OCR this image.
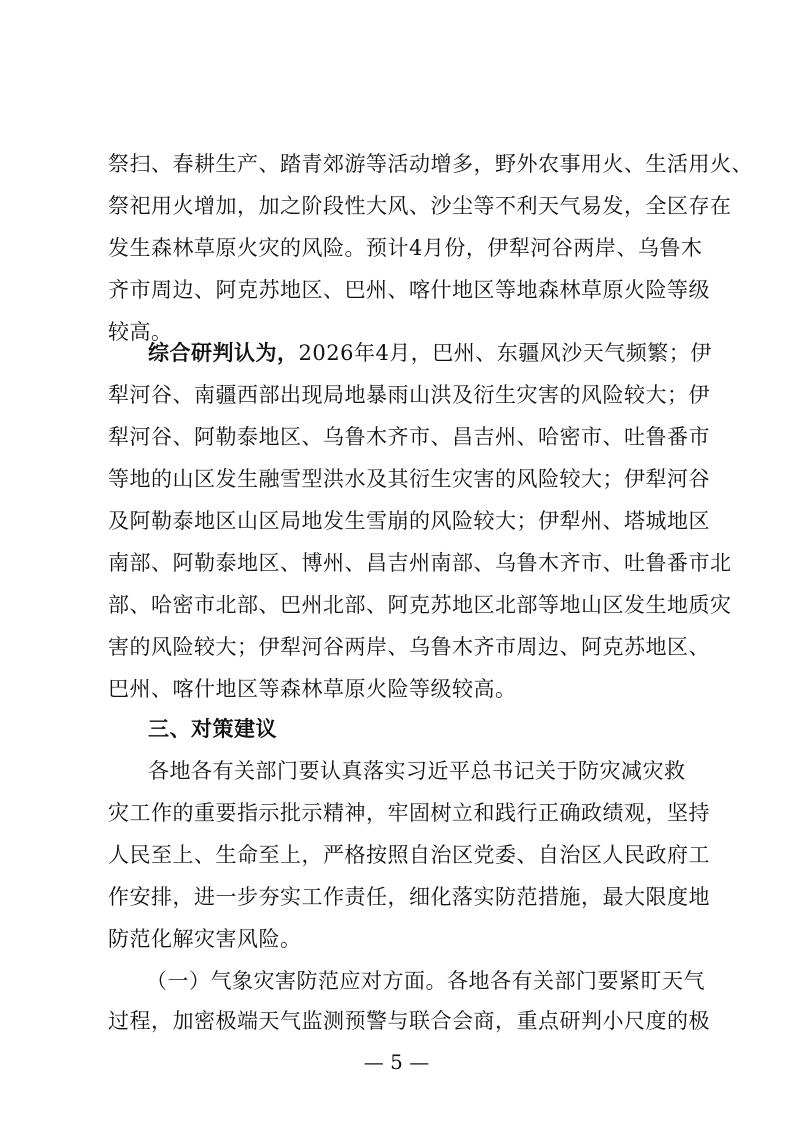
祭扫、春耕生产、踏青郊游等活动增多，野外农事用火、生活用火、
祭祀用火增加，加之阶段性大风、沙尘等不利天气易发，全区存在
发生森林草原火灾的风险。预计4月份，伊犁河谷两岸、乌鲁木
齐市周边、阿克苏地区、巴州、喀什地区等地森林草原火险等级
较高。
综合研判认为，2026年4月，巴州、东疆风沙天气频繁；伊
犁河谷、南疆西部出现局地暴雨山洪及衍生灾害的风险较大；伊
犁河谷、阿勒泰地区、乌鲁木齐市、昌吉州、哈密市、吐鲁番市
等地的山区发生融雪型洪水及其衍生灾害的风险较大；伊犁河谷
及阿勒泰地区山区局地发生雪崩的风险较大；伊犁州、塔城地区
南部、阿勒泰地区、博州、昌吉州南部、乌鲁木齐市、吐鲁番市北
部、哈密市北部、巴州北部、阿克苏地区北部等地山区发生地质灾
害的风险较大；伊犁河谷两岸、乌鲁木齐市周边、阿克苏地区、
巴州、喀什地区等森林草原火险等级较高。
三、对策建议
各地各有关部门要认真落实习近平总书记关于防灾减灾救
灾工作的重要指示批示精神，牢固树立和践行正确政绩观，坚持
人民至上、生命至上，严格按照自治区党委、自治区人民政府工
作安排，进一步夯实工作责任，细化落实防范措施，最大限度地
防范化解灾害风险。
（一）气象灾害防范应对方面。各地各有关部门要紧盯天气
过程，加密极端天气监测预警与联合会商，重点研判小尺度的极
— 5 —
